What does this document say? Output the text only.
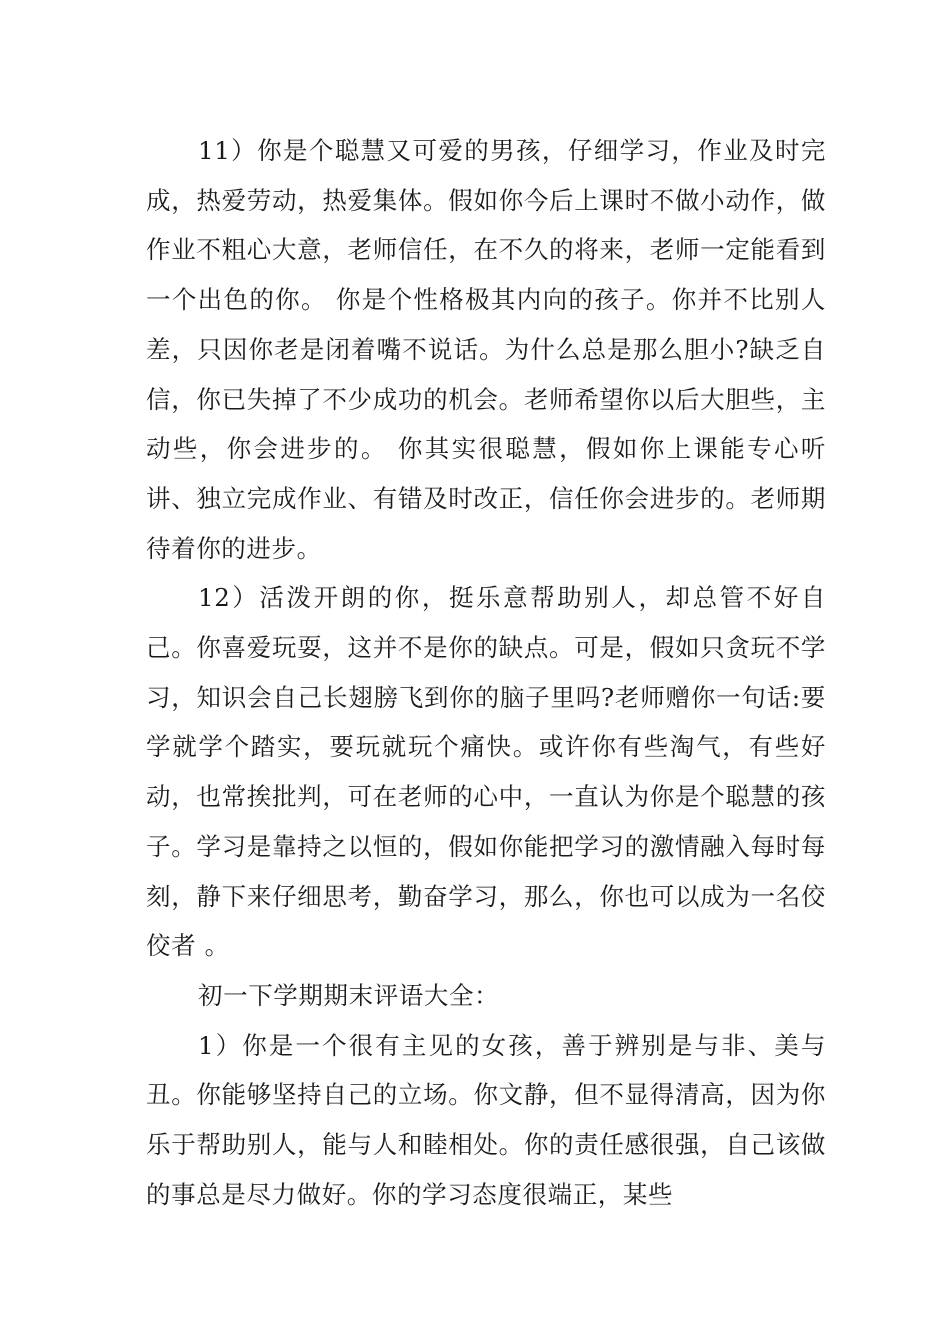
11）你是个聪慧又可爱的男孩，仔细学习，作业及时完成，热爱劳动，热爱集体。假如你今后上课时不做小动作，做作业不粗心大意，老师信任，在不久的将来，老师一定能看到一个出色的你。 你是个性格极其内向的孩子。你并不比别人差，只因你老是闭着嘴不说话。为什么总是那么胆小?缺乏自信，你已失掉了不少成功的机会。老师希望你以后大胆些，主动些，你会进步的。 你其实很聪慧，假如你上课能专心听讲、独立完成作业、有错及时改正，信任你会进步的。老师期待着你的进步。

12）活泼开朗的你，挺乐意帮助别人，却总管不好自己。你喜爱玩耍，这并不是你的缺点。可是，假如只贪玩不学习，知识会自己长翅膀飞到你的脑子里吗?老师赠你一句话:要学就学个踏实，要玩就玩个痛快。或许你有些淘气，有些好动，也常挨批判，可在老师的心中，一直认为你是个聪慧的孩子。学习是靠持之以恒的，假如你能把学习的激情融入每时每刻，静下来仔细思考，勤奋学习，那么，你也可以成为一名佼佼者 。

初一下学期期末评语大全：

1）你是一个很有主见的女孩，善于辨别是与非、美与丑。你能够坚持自己的立场。你文静，但不显得清高，因为你乐于帮助别人，能与人和睦相处。你的责任感很强，自己该做的事总是尽力做好。你的学习态度很端正，某些
